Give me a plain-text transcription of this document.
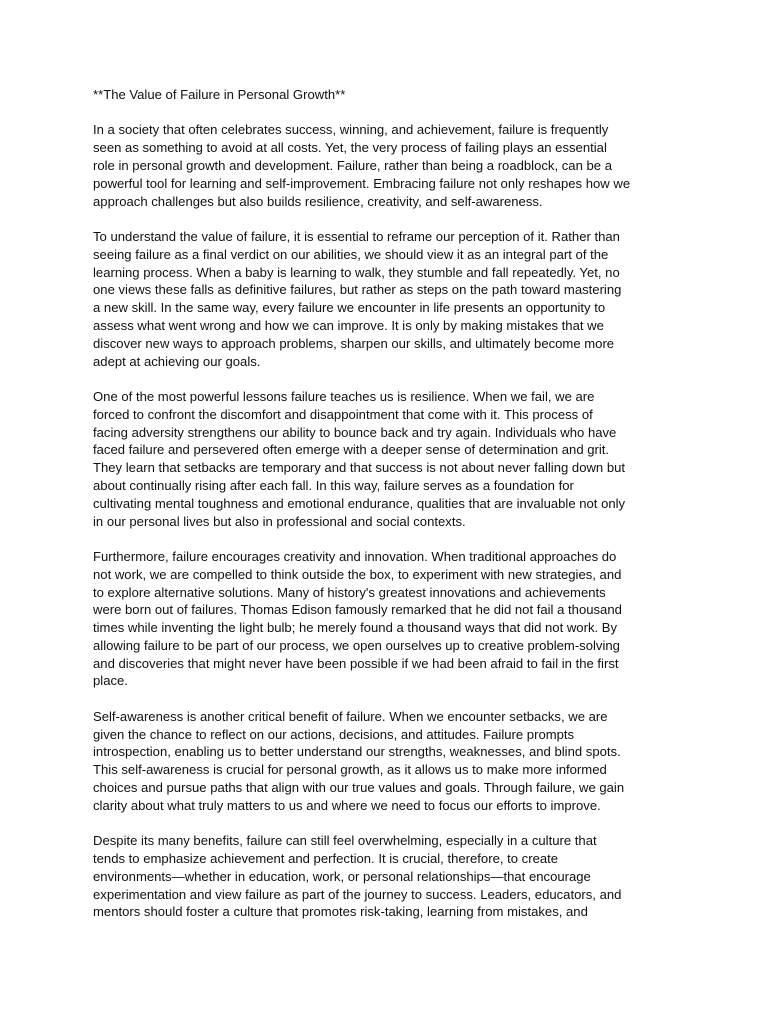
**The Value of Failure in Personal Growth**
In a society that often celebrates success, winning, and achievement, failure is frequently
seen as something to avoid at all costs. Yet, the very process of failing plays an essential
role in personal growth and development. Failure, rather than being a roadblock, can be a
powerful tool for learning and self-improvement. Embracing failure not only reshapes how we
approach challenges but also builds resilience, creativity, and self-awareness.
To understand the value of failure, it is essential to reframe our perception of it. Rather than
seeing failure as a final verdict on our abilities, we should view it as an integral part of the
learning process. When a baby is learning to walk, they stumble and fall repeatedly. Yet, no
one views these falls as definitive failures, but rather as steps on the path toward mastering
a new skill. In the same way, every failure we encounter in life presents an opportunity to
assess what went wrong and how we can improve. It is only by making mistakes that we
discover new ways to approach problems, sharpen our skills, and ultimately become more
adept at achieving our goals.
One of the most powerful lessons failure teaches us is resilience. When we fail, we are
forced to confront the discomfort and disappointment that come with it. This process of
facing adversity strengthens our ability to bounce back and try again. Individuals who have
faced failure and persevered often emerge with a deeper sense of determination and grit.
They learn that setbacks are temporary and that success is not about never falling down but
about continually rising after each fall. In this way, failure serves as a foundation for
cultivating mental toughness and emotional endurance, qualities that are invaluable not only
in our personal lives but also in professional and social contexts.
Furthermore, failure encourages creativity and innovation. When traditional approaches do
not work, we are compelled to think outside the box, to experiment with new strategies, and
to explore alternative solutions. Many of history's greatest innovations and achievements
were born out of failures. Thomas Edison famously remarked that he did not fail a thousand
times while inventing the light bulb; he merely found a thousand ways that did not work. By
allowing failure to be part of our process, we open ourselves up to creative problem-solving
and discoveries that might never have been possible if we had been afraid to fail in the first
place.
Self-awareness is another critical benefit of failure. When we encounter setbacks, we are
given the chance to reflect on our actions, decisions, and attitudes. Failure prompts
introspection, enabling us to better understand our strengths, weaknesses, and blind spots.
This self-awareness is crucial for personal growth, as it allows us to make more informed
choices and pursue paths that align with our true values and goals. Through failure, we gain
clarity about what truly matters to us and where we need to focus our efforts to improve.
Despite its many benefits, failure can still feel overwhelming, especially in a culture that
tends to emphasize achievement and perfection. It is crucial, therefore, to create
environments—whether in education, work, or personal relationships—that encourage
experimentation and view failure as part of the journey to success. Leaders, educators, and
mentors should foster a culture that promotes risk-taking, learning from mistakes, and
